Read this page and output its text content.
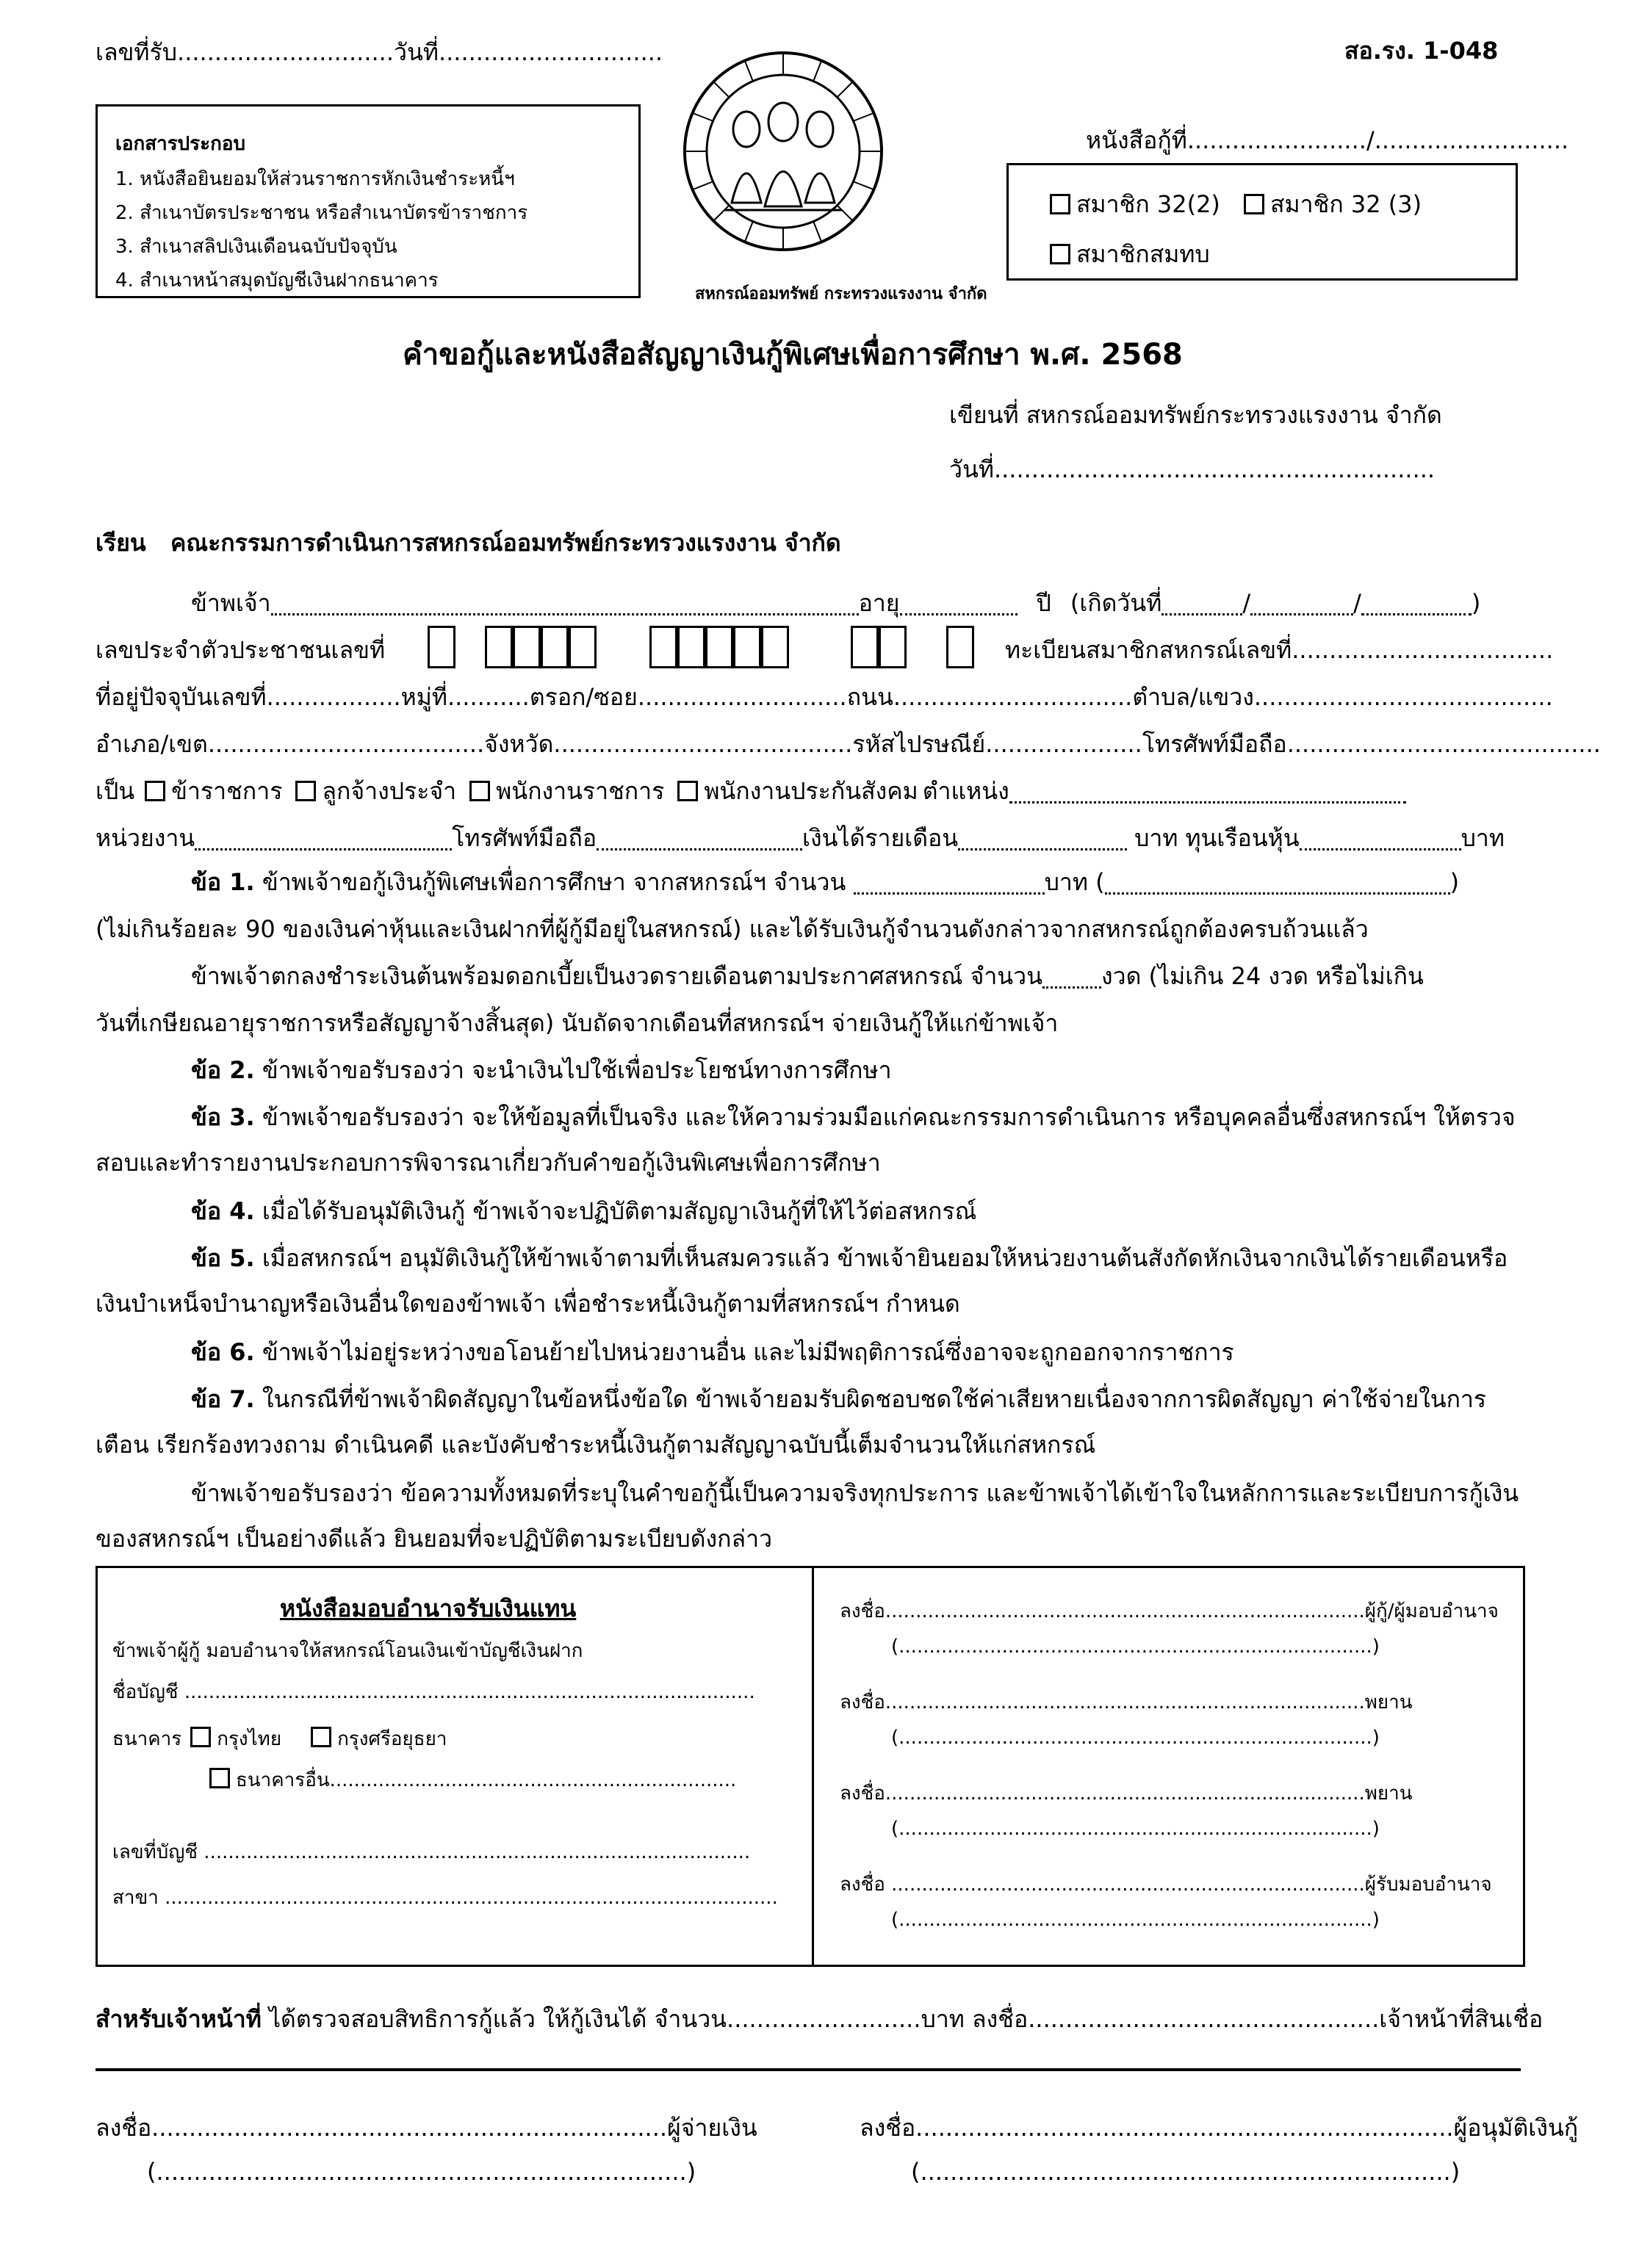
เลขที่รับ.............................วันที่..............................	สอ.รง. 1-048
หนังสือกู้ที่......................../..........................
เอกสารประกอบ
1. หนังสือยินยอมให้ส่วนราชการหักเงินชำระหนี้ฯ
2. สำเนาบัตรประชาชน หรือสำเนาบัตรข้าราชการ
3. สำเนาสลิปเงินเดือนฉบับปัจจุบัน
4. สำเนาหน้าสมุดบัญชีเงินฝากธนาคาร
สหกรณ์ออมทรัพย์ กระทรวงแรงงาน จำกัด
สมาชิก 32(2)	สมาชิก 32 (3)
สมาชิกสมทบ
คำขอกู้และหนังสือสัญญาเงินกู้พิเศษเพื่อการศึกษา พ.ศ. 2568
เขียนที่ สหกรณ์ออมทรัพย์กระทรวงแรงงาน จำกัด
วันที่...........................................................
เรียน คณะกรรมการดำเนินการสหกรณ์ออมทรัพย์กระทรวงแรงงาน จำกัด
ข้าพเจ้า	อายุ	ปี (เกิดวันที่	/	/	)
เลขประจำตัวประชาชนเลขที่	ทะเบียนสมาชิกสหกรณ์เลขที่...................................
ที่อยู่ปัจจุบันเลขที่..................หมู่ที่...........ตรอก/ซอย............................ถนน................................ตำบล/แขวง........................................
อำเภอ/เขต.....................................จังหวัด........................................รหัสไปรษณีย์.....................โทรศัพท์มือถือ..........................................
เป็น ข้าราชการ ลูกจ้างประจำ พนักงานราชการ พนักงานประกันสังคม ตำแหน่ง
หน่วยงาน	โทรศัพท์มือถือ	เงินได้รายเดือน	บาท ทุนเรือนหุ้น	บาท
ข้อ 1. ข้าพเจ้าขอกู้เงินกู้พิเศษเพื่อการศึกษา จากสหกรณ์ฯ จำนวน	บาท (	)
(ไม่เกินร้อยละ 90 ของเงินค่าหุ้นและเงินฝากที่ผู้กู้มีอยู่ในสหกรณ์) และได้รับเงินกู้จำนวนดังกล่าวจากสหกรณ์ถูกต้องครบถ้วนแล้ว
ข้าพเจ้าตกลงชำระเงินต้นพร้อมดอกเบี้ยเป็นงวดรายเดือนตามประกาศสหกรณ์ จำนวน	งวด (ไม่เกิน 24 งวด หรือไม่เกิน
วันที่เกษียณอายุราชการหรือสัญญาจ้างสิ้นสุด) นับถัดจากเดือนที่สหกรณ์ฯ จ่ายเงินกู้ให้แก่ข้าพเจ้า
ข้อ 2. ข้าพเจ้าขอรับรองว่า จะนำเงินไปใช้เพื่อประโยชน์ทางการศึกษา
ข้อ 3. ข้าพเจ้าขอรับรองว่า จะให้ข้อมูลที่เป็นจริง และให้ความร่วมมือแก่คณะกรรมการดำเนินการ หรือบุคคลอื่นซึ่งสหกรณ์ฯ ให้ตรวจสอบและทำรายงานประกอบการพิจารณาเกี่ยวกับคำขอกู้เงินพิเศษเพื่อการศึกษา
ข้อ 4. เมื่อได้รับอนุมัติเงินกู้ ข้าพเจ้าจะปฏิบัติตามสัญญาเงินกู้ที่ให้ไว้ต่อสหกรณ์
ข้อ 5. เมื่อสหกรณ์ฯ อนุมัติเงินกู้ให้ข้าพเจ้าตามที่เห็นสมควรแล้ว ข้าพเจ้ายินยอมให้หน่วยงานต้นสังกัดหักเงินจากเงินได้รายเดือนหรือเงินบำเหน็จบำนาญหรือเงินอื่นใดของข้าพเจ้า เพื่อชำระหนี้เงินกู้ตามที่สหกรณ์ฯ กำหนด
ข้อ 6. ข้าพเจ้าไม่อยู่ระหว่างขอโอนย้ายไปหน่วยงานอื่น และไม่มีพฤติการณ์ซึ่งอาจจะถูกออกจากราชการ
ข้อ 7. ในกรณีที่ข้าพเจ้าผิดสัญญาในข้อหนึ่งข้อใด ข้าพเจ้ายอมรับผิดชอบชดใช้ค่าเสียหายเนื่องจากการผิดสัญญา ค่าใช้จ่ายในการเตือน เรียกร้องทวงถาม ดำเนินคดี และบังคับชำระหนี้เงินกู้ตามสัญญาฉบับนี้เต็มจำนวนให้แก่สหกรณ์
ข้าพเจ้าขอรับรองว่า ข้อความทั้งหมดที่ระบุในคำขอกู้นี้เป็นความจริงทุกประการ และข้าพเจ้าได้เข้าใจในหลักการและระเบียบการกู้เงินของสหกรณ์ฯ เป็นอย่างดีแล้ว ยินยอมที่จะปฏิบัติตามระเบียบดังกล่าว
หนังสือมอบอำนาจรับเงินแทน
ข้าพเจ้าผู้กู้ มอบอำนาจให้สหกรณ์โอนเงินเข้าบัญชีเงินฝาก
ชื่อบัญชี ..............................................................................................
ธนาคาร กรุงไทย	กรุงศรีอยุธยา
ธนาคารอื่น...................................................................
เลขที่บัญชี ..........................................................................................
สาขา .....................................................................................................
ลงชื่อ...............................................................................ผู้กู้/ผู้มอบอำนาจ
(..............................................................................)
ลงชื่อ...............................................................................พยาน
(..............................................................................)
ลงชื่อ...............................................................................พยาน
(..............................................................................)
ลงชื่อ ..............................................................................ผู้รับมอบอำนาจ
(..............................................................................)
สำหรับเจ้าหน้าที่ ได้ตรวจสอบสิทธิการกู้แล้ว ให้กู้เงินได้ จำนวน..........................บาท ลงชื่อ...............................................เจ้าหน้าที่สินเชื่อ
ลงชื่อ.....................................................................ผู้จ่ายเงิน
(.......................................................................)
ลงชื่อ........................................................................ผู้อนุมัติเงินกู้
(.......................................................................)
